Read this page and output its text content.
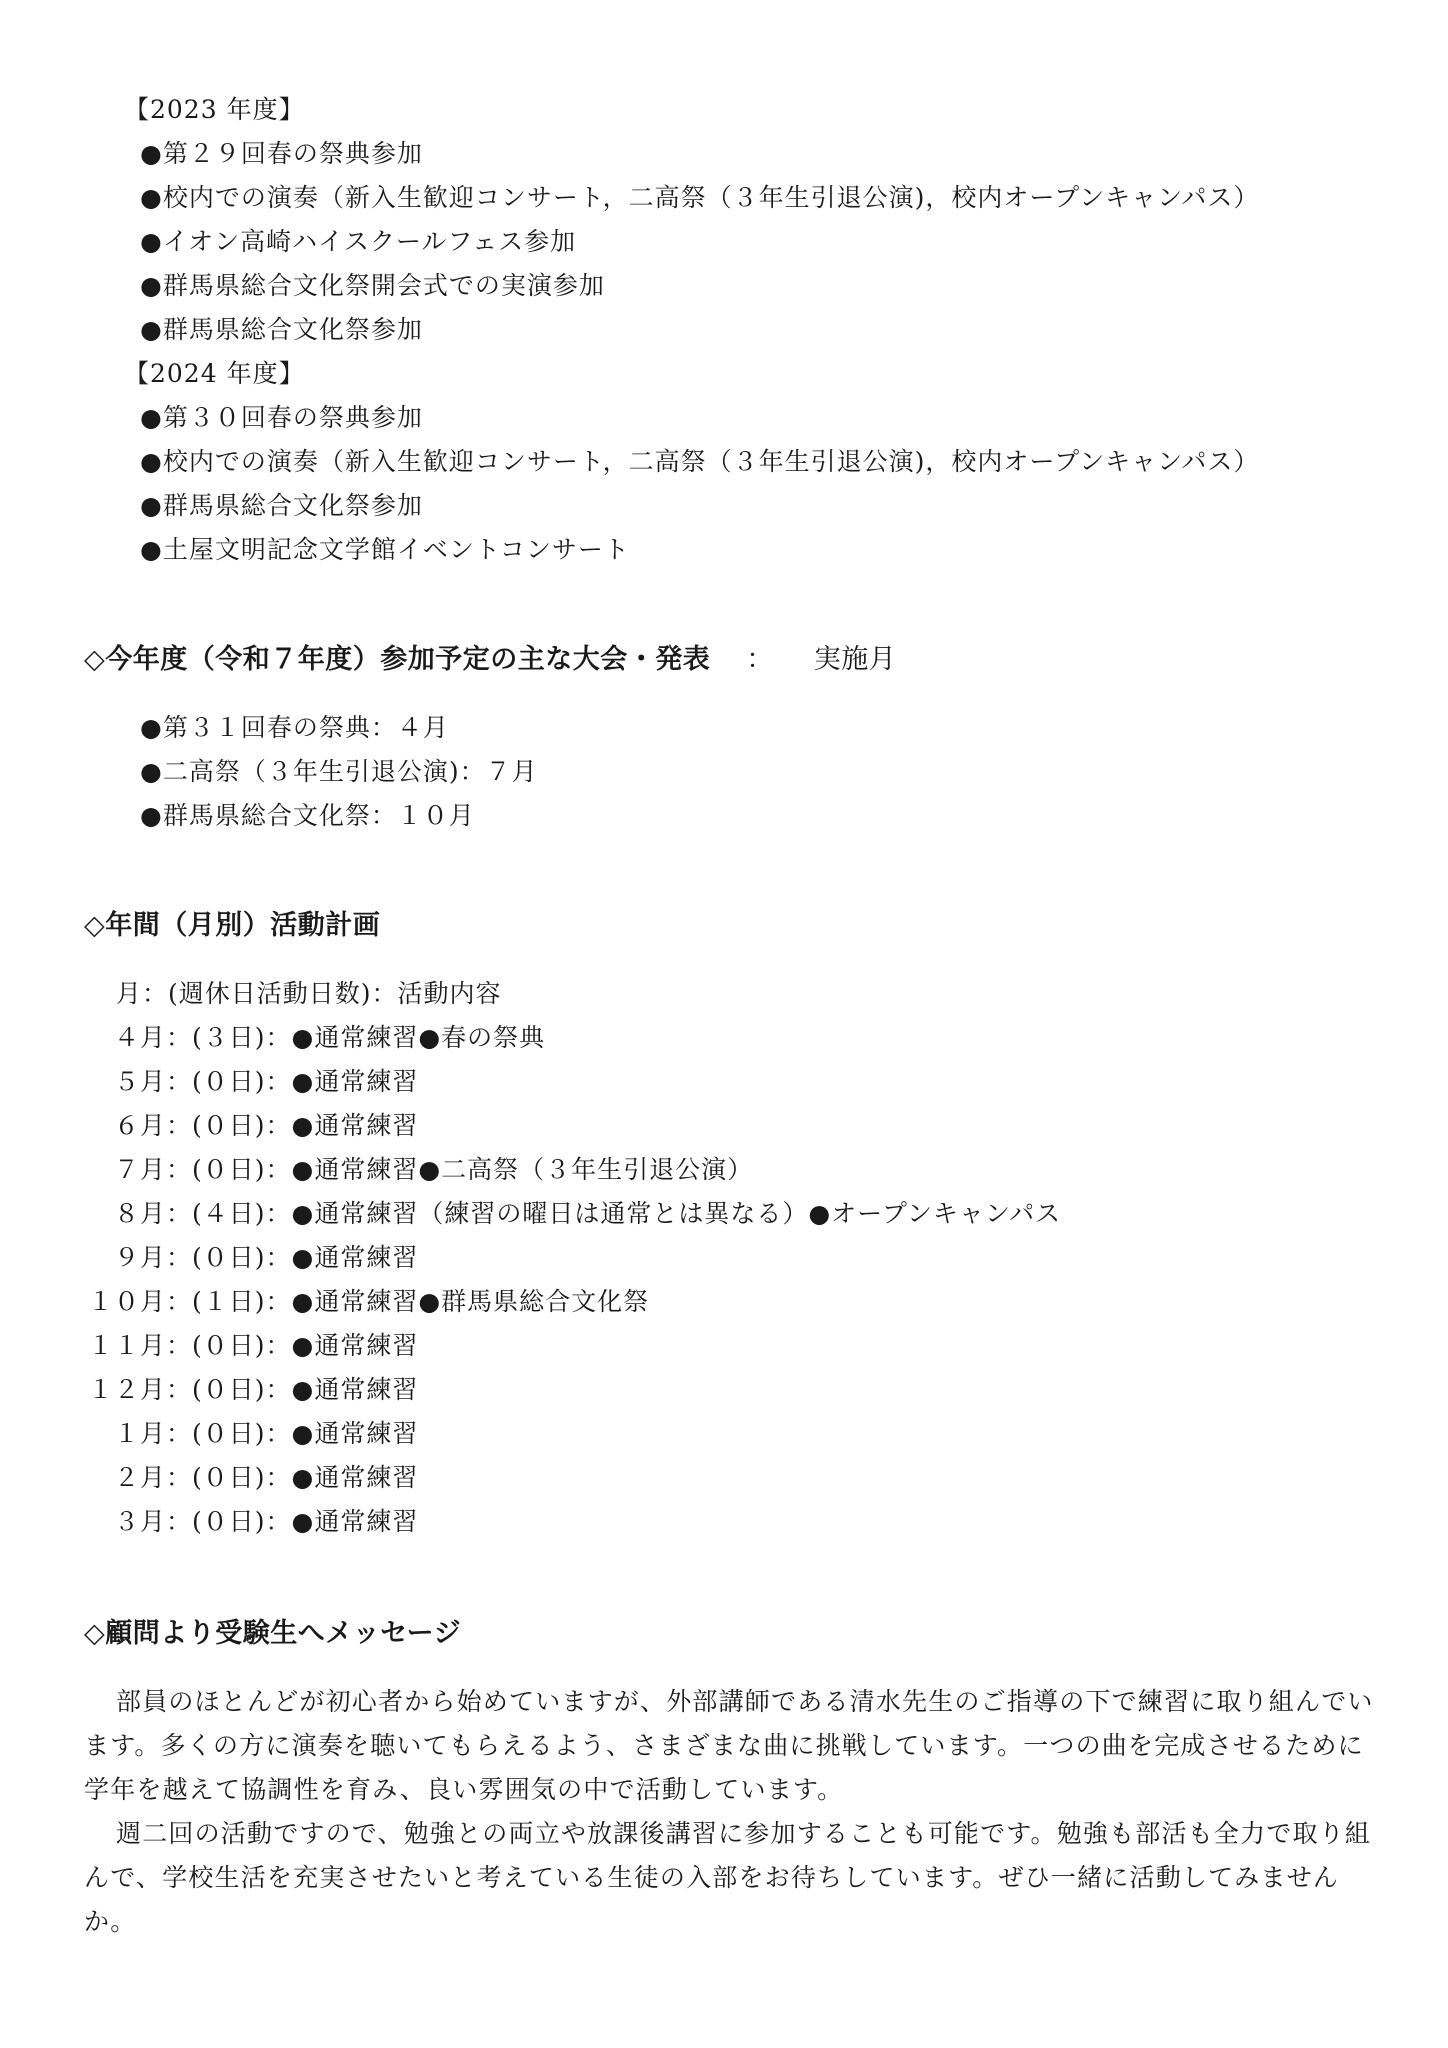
【2023 年度】
●第２９回春の祭典参加
●校内での演奏（新入生歓迎コンサート，二高祭（３年生引退公演)，校内オープンキャンパス）
●イオン高崎ハイスクールフェス参加
●群馬県総合文化祭開会式での実演参加
●群馬県総合文化祭参加
【2024 年度】
●第３０回春の祭典参加
●校内での演奏（新入生歓迎コンサート，二高祭（３年生引退公演)，校内オープンキャンパス）
●群馬県総合文化祭参加
●土屋文明記念文学館イベントコンサート
◇今年度（令和７年度）参加予定の主な大会・発表 ： 実施月
●第３１回春の祭典：４月
●二高祭（３年生引退公演)：７月
●群馬県総合文化祭：１０月
◇年間（月別）活動計画
月：(週休日活動日数)：活動内容
４月：(３日)：●通常練習●春の祭典
５月：(０日)：●通常練習
６月：(０日)：●通常練習
７月：(０日)：●通常練習●二高祭（３年生引退公演）
８月：(４日)：●通常練習（練習の曜日は通常とは異なる）●オープンキャンパス
９月：(０日)：●通常練習
１０月：(１日)：●通常練習●群馬県総合文化祭
１１月：(０日)：●通常練習
１２月：(０日)：●通常練習
１月：(０日)：●通常練習
２月：(０日)：●通常練習
３月：(０日)：●通常練習
◇顧問より受験生へメッセージ

部員のほとんどが初心者から始めていますが、外部講師である清水先生のご指導の下で練習に取り組んでいます。多くの方に演奏を聴いてもらえるよう、さまざまな曲に挑戦しています。一つの曲を完成させるために学年を越えて協調性を育み、良い雰囲気の中で活動しています。

週二回の活動ですので、勉強との両立や放課後講習に参加することも可能です。勉強も部活も全力で取り組んで、学校生活を充実させたいと考えている生徒の入部をお待ちしています。ぜひ一緒に活動してみませんか。
